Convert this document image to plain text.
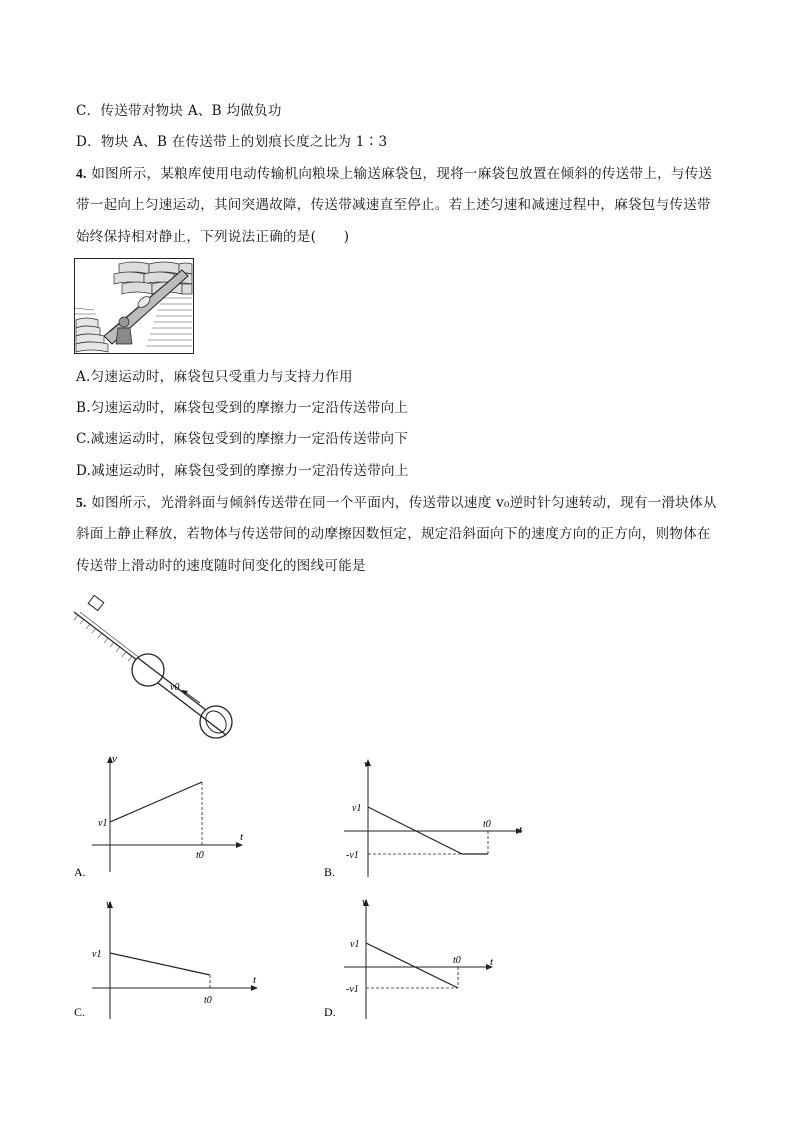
C．传送带对物块 A、B 均做负功
D．物块 A、B 在传送带上的划痕长度之比为 1∶3
4. 如图所示，某粮库使用电动传输机向粮垛上输送麻袋包，现将一麻袋包放置在倾斜的传送带上，与传送
带一起向上匀速运动，其间突遇故障，传送带减速直至停止。若上述匀速和减速过程中，麻袋包与传送带
始终保持相对静止，下列说法正确的是(　　)
A.匀速运动时，麻袋包只受重力与支持力作用
B.匀速运动时，麻袋包受到的摩擦力一定沿传送带向上
C.减速运动时，麻袋包受到的摩擦力一定沿传送带向下
D.减速运动时，麻袋包受到的摩擦力一定沿传送带向上
5. 如图所示，光滑斜面与倾斜传送带在同一个平面内，传送带以速度 v₀逆时针匀速转动，现有一滑块体从
斜面上静止释放，若物体与传送带间的动摩擦因数恒定，规定沿斜面向下的速度方向的正方向，则物体在
传送带上滑动时的速度随时间变化的图线可能是
v0
v
t
v1
t0
A.
v
t
v1
-v1
t0
B.
v
t
v1
t0
C.
v
t
v1
-v1
t0
D.
